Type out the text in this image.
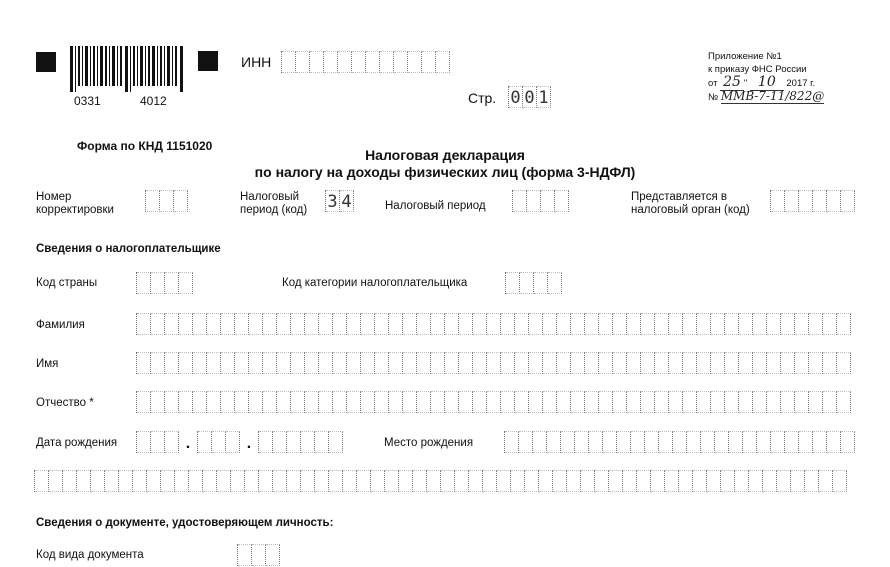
0331	4012
ИНН
Стр. 0 0 1
Приложение №1
к приказу ФНС России
от 25 " 10 2017 г.
№ ММВ-7-11/822@
Форма по КНД 1151020
Налоговая декларация
по налогу на доходы физических лиц (форма 3-НДФЛ)
Номер
корректировки
Налоговый
период (код) 3 4	Налоговый период
Представляется в
налоговый орган (код)
Сведения о налогоплательщике
Код страны	Код категории налогоплательщика
Фамилия
Имя
Отчество *
Дата рождения	.	.	Место рождения
Сведения о документе, удостоверяющем личность:
Код вида документа
